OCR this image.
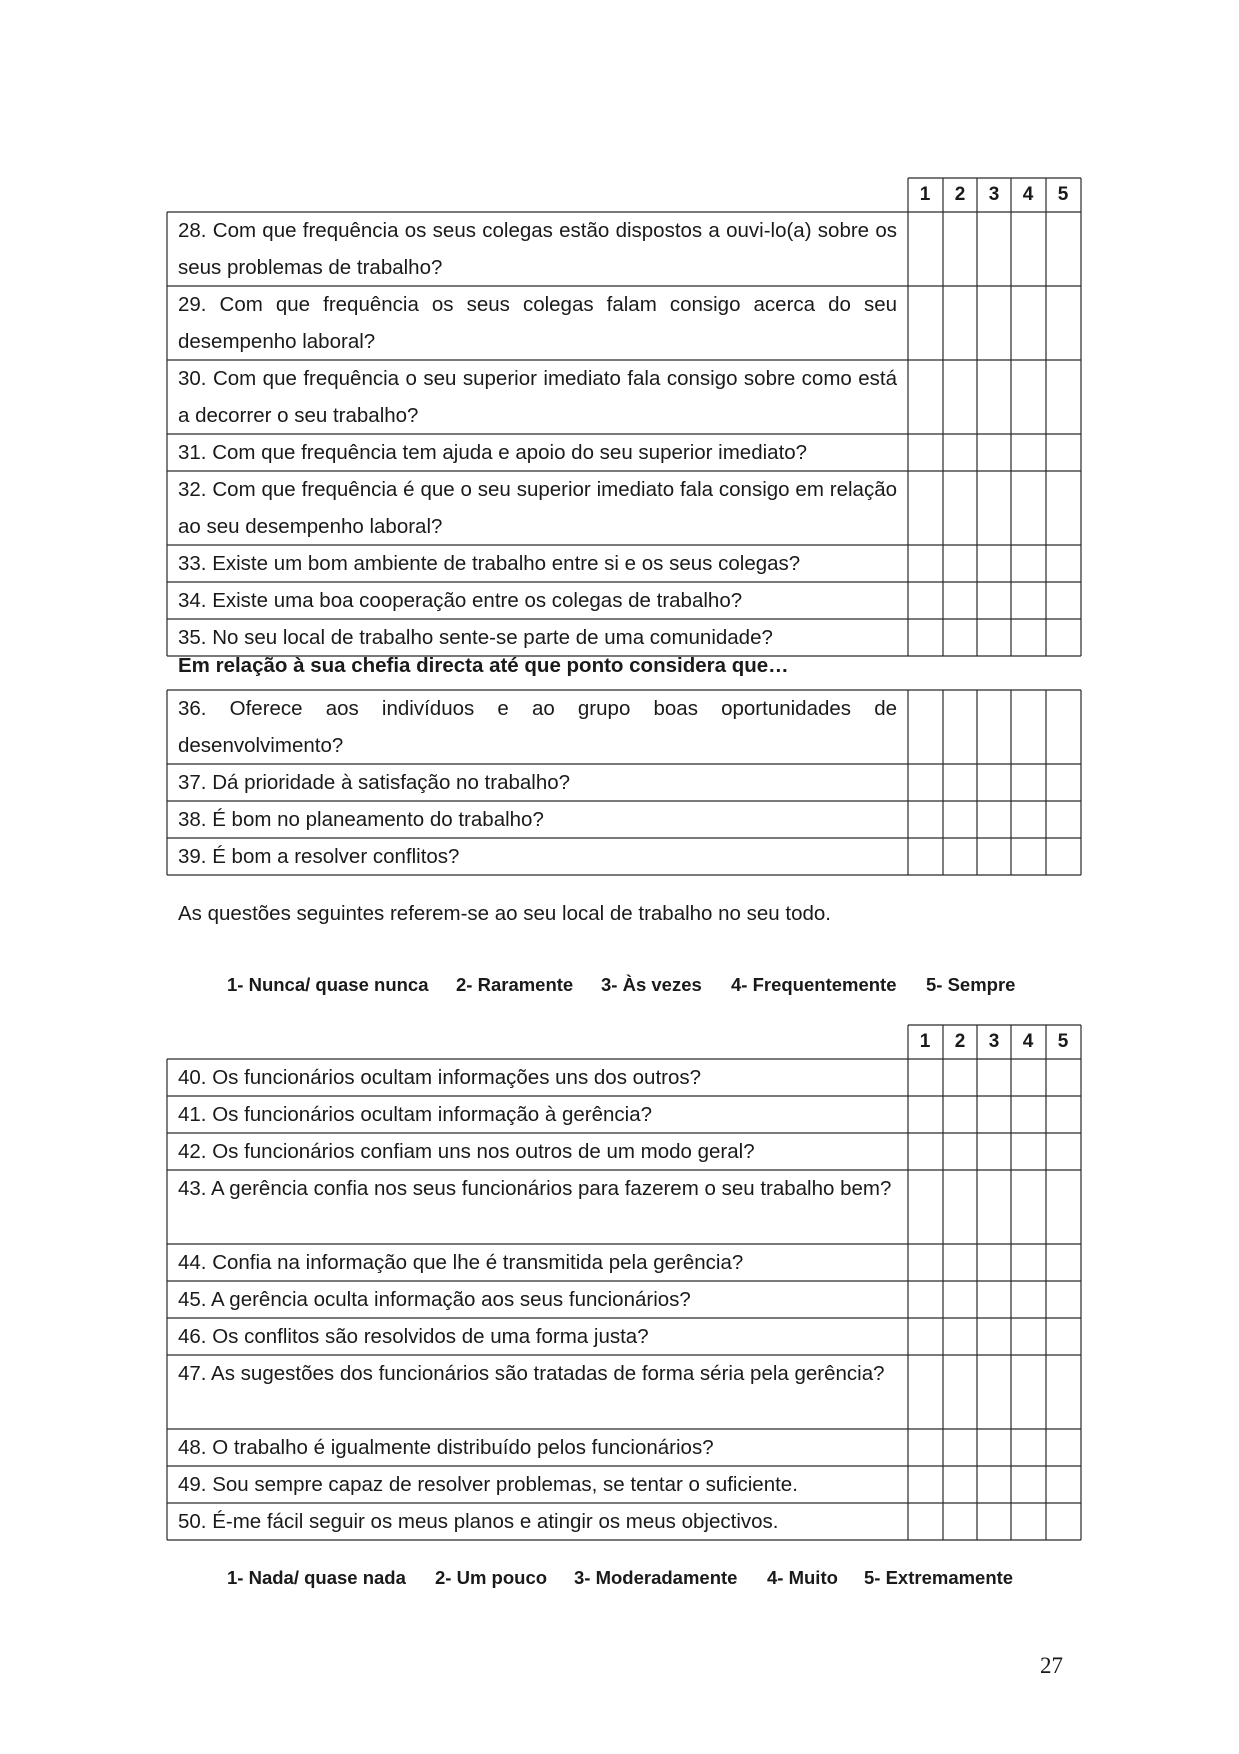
1	2	3	4	5
28. Com que frequência os seus colegas estão dispostos a ouvi-lo(a) sobre os seus problemas de trabalho?
29. Com que frequência os seus colegas falam consigo acerca do seu desempenho laboral?
30. Com que frequência o seu superior imediato fala consigo sobre como está a decorrer o seu trabalho?
31. Com que frequência tem ajuda e apoio do seu superior imediato?
32. Com que frequência é que o seu superior imediato fala consigo em relação ao seu desempenho laboral?
33. Existe um bom ambiente de trabalho entre si e os seus colegas?
34. Existe uma boa cooperação entre os colegas de trabalho?
35. No seu local de trabalho sente-se parte de uma comunidade?
Em relação à sua chefia directa até que ponto considera que…
36. Oferece aos indivíduos e ao grupo boas oportunidades de desenvolvimento?
37. Dá prioridade à satisfação no trabalho?
38. É bom no planeamento do trabalho?
39. É bom a resolver conflitos?
As questões seguintes referem-se ao seu local de trabalho no seu todo.
1- Nunca/ quase nunca 2- Raramente 3- Às vezes 4- Frequentemente 5- Sempre
1	2	3	4	5
40. Os funcionários ocultam informações uns dos outros?
41. Os funcionários ocultam informação à gerência?
42. Os funcionários confiam uns nos outros de um modo geral?
43. A gerência confia nos seus funcionários para fazerem o seu trabalho bem?
44. Confia na informação que lhe é transmitida pela gerência?
45. A gerência oculta informação aos seus funcionários?
46. Os conflitos são resolvidos de uma forma justa?
47. As sugestões dos funcionários são tratadas de forma séria pela gerência?
48. O trabalho é igualmente distribuído pelos funcionários?
49. Sou sempre capaz de resolver problemas, se tentar o suficiente.
50. É-me fácil seguir os meus planos e atingir os meus objectivos.
1- Nada/ quase nada 2- Um pouco 3- Moderadamente 4- Muito 5- Extremamente
27
